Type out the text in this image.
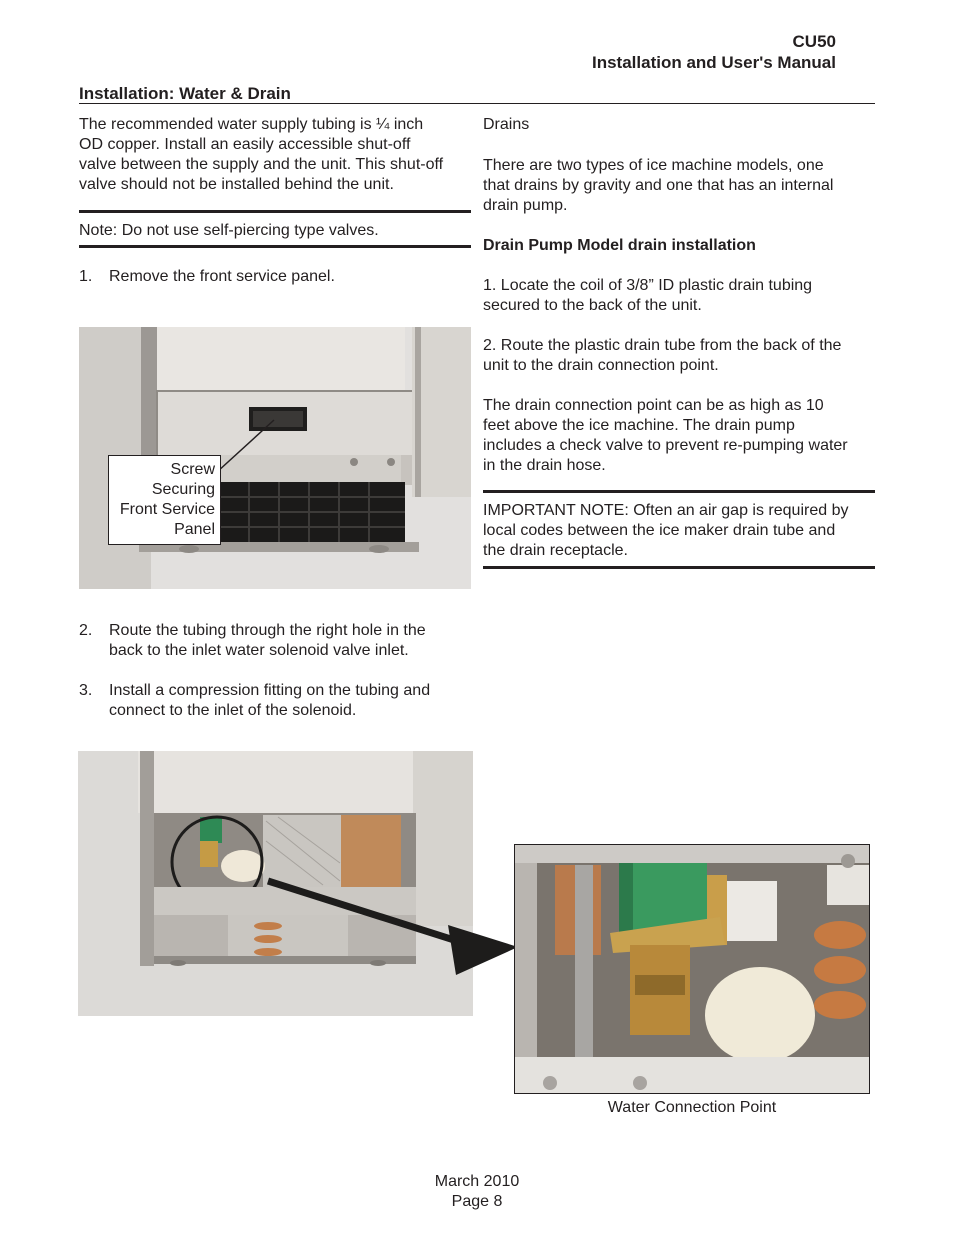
CU50
Installation and User's Manual
Installation: Water & Drain
The recommended water supply tubing is ¼ inch
OD copper. Install an easily accessible shut-off
valve between the supply and the unit. This shut-off
valve should not be installed behind the unit.
Note: Do not use self-piercing type valves.
1. Remove the front service panel.
Screw
Securing
Front Service
Panel
2. Route the tubing through the right hole in the
back to the inlet water solenoid valve inlet.
3. Install a compression fitting on the tubing and
connect to the inlet of the solenoid.
Drains
There are two types of ice machine models, one
that drains by gravity and one that has an internal
drain pump.
Drain Pump Model drain installation
1. Locate the coil of 3/8” ID plastic drain tubing
secured to the back of the unit.
2. Route the plastic drain tube from the back of the
unit to the drain connection point.
The drain connection point can be as high as 10
feet above the ice machine. The drain pump
includes a check valve to prevent re-pumping water
in the drain hose.
IMPORTANT NOTE: Often an air gap is required by
local codes between the ice maker drain tube and
the drain receptacle.
Water Connection Point
March 2010
Page 8
